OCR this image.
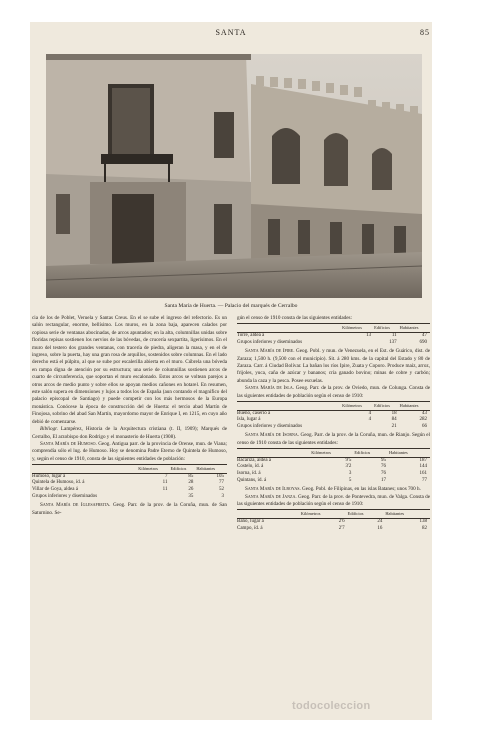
SANTA	85
Santa María de Huerta. — Palacio del marqués de Cerralbo

cia de los de Poblet, Veruela y Santas Creus. En el se sube el ingreso del refectorio. Es un salón rectangular, enorme, bellísimo. Los muros, en la zona baja, aparecen calados por copiosa serie de ventanas abocinadas, de arcos apuntados; en la alta, columnillas unidas sobre floridas repisas sostienen los nervios de las bóvedas, de crucería sexpartita, ligerísimos. En el muro del testero dos grandes ventanas, con tracería de piedra, aligeran la masa, y en el de ingreso, sobre la puerta, hay una gran rosa de arquillos, sostenidos sobre columnas. En el lado derecho está el púlpito, al que se sube por escalerilla abierta en el muro. Cúbrela una bóveda en rampa digna de atención por su estructura; una serie de columnillas sostienen arcos de cuarto de circunferencia, que soportan el muro escalonado. Estos arcos se voltean parejos a otros arcos de medio punto y sobre ellos se apoyan medios cañones en hotarel. En resumen, este salón supera en dimensiones y lujos a todos los de España (aun contando el magnífico del palacio episcopal de Santiago) y puede competir con los más hermosos de la Europa monástica. Conócese la época de construcción del de Huerta: el tercio abad Martín de Finojosa, sobrino del abad San Martín, mayordomo mayor de Enrique I, en 1215, en cuyo año debió de comenzarse.

Bibliogr. Lampérez, Historia de la Arquitectura cristiana (t. II, 1909); Marqués de Cerralbo, El arzobispo don Rodrigo y el monasterio de Huerta (1908).

Santa María de Humoso. Geog. Antigua parr. de la provincia de Orense, mun. de Viana; comprendía sólo el lug. de Humoso. Hoy se denomina Padre Eterno de Quintela de Humoso, y, según el censo de 1910, consta de las siguientes entidades de población:

	Kilómetros	Edificios	Habitantes
Humoso, lugar á	7	85	105
Quintela de Humoso, íd. á	11	28	77
Villar de Goya, aldea á	11	26	52
Grupos inferiores y diseminados		35	3

Santa María de Iglesafreita. Geog. Parr. de la prov. de la Coruña, mun. de San Saturnino. Se-

gún el censo de 1910 consta de las siguientes entidades:

	Kilómetros	Edificios	Habitantes
Torre, aldea á	13	11	47
Grupos inferiores y diseminados		137	690

Santa María de Ipire. Geog. Pobl. y mun. de Venezuela, en el Est. de Guárico, dist. de Zaraza; 1,500 h. (9,500 con el municipio). Sit. á 280 kms. de la capital del Estado y 80 de Zaraza. Carr. á Ciudad Bolívar. La bañan los ríos Ipire, Zuata y Coporo. Produce maíz, arroz, frijoles, yuca, caña de azúcar y bananos; cría ganado bovino; minas de cobre y carbón; abunda la caza y la pesca. Posee escuelas.

Santa María de Isla. Geog. Parr. de la prov. de Oviedo, mun. de Colunga. Consta de las siguientes entidades de población según el censo de 1910:

	Kilómetros	Edificios	Habitantes
Bueño, caserío á	4	18	43
Isla, lugar á	4	84	282
Grupos inferiores y diseminados		21	66

Santa María de Isorna. Geog. Parr. de la prov. de la Coruña, mun. de Rianjo. Según el censo de 1910 consta de las siguientes entidades:

	Kilómetros	Edificios	Habitantes
Bacariza, aldea á	9'5	95	187
Costelo, íd. á	3'2	76	144
Isorna, íd. á	3	76	161
Quintans, íd. á	5	17	77

Santa María de Ilboyas. Geog. Pobl. de Filipinas, en las islas Batanes; unos 700 h.

Santa María de Janza. Geog. Parr. de la prov. de Pontevedra, mun. de Valga. Consta de las siguientes entidades de población según el censo de 1910:

	Kilómetros	Edificios	Habitantes
Baño, lugar á	2'6	24	138
Campo, íd. á	2'7	16	82
todocoleccion
